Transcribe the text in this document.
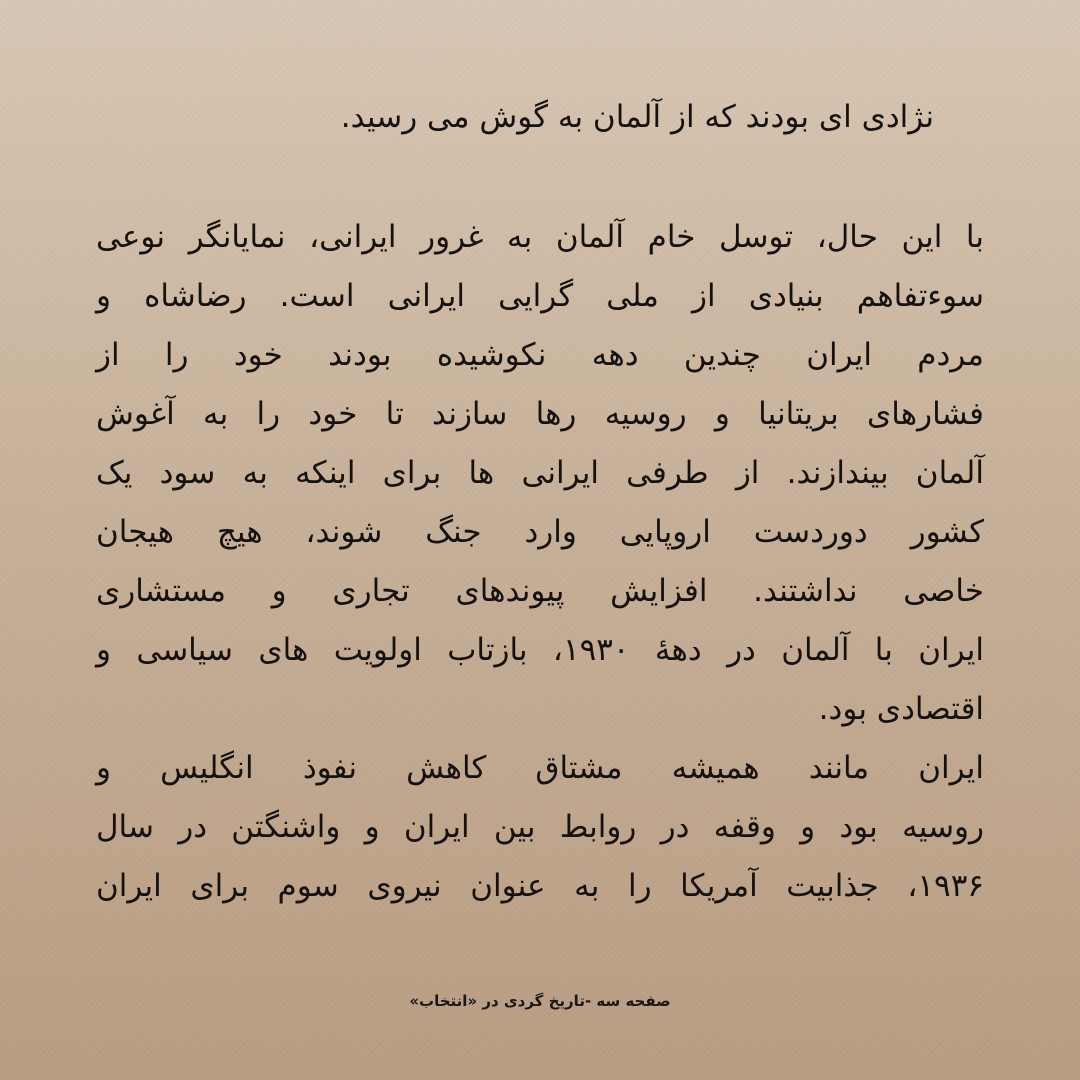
نژادی ای بودند که از آلمان به گوش می رسید.

با این حال، توسل خام آلمان به غرور ایرانی، نمایانگر نوعی
سوءتفاهم بنیادی از ملی گرایی ایرانی است. رضاشاه و
مردم ایران چندین دهه نکوشیده بودند خود را از
فشارهای بریتانیا و روسیه رها سازند تا خود را به آغوش
آلمان بیندازند. از طرفی ایرانی ها برای اینکه به سود یک
کشور دوردست اروپایی وارد جنگ شوند، هیچ هیجان
خاصی نداشتند. افزایش پیوندهای تجاری و مستشاری
ایران با آلمان در دهۀ ۱۹۳۰، بازتاب اولویت های سیاسی و
اقتصادی بود.

ایران مانند همیشه مشتاق کاهش نفوذ انگلیس و
روسیه بود و وقفه در روابط بین ایران و واشنگتن در سال
۱۹۳۶، جذابیت آمریکا را به عنوان نیروی سوم برای ایران

صفحه سه -تاریخ گردی در «انتخاب»
